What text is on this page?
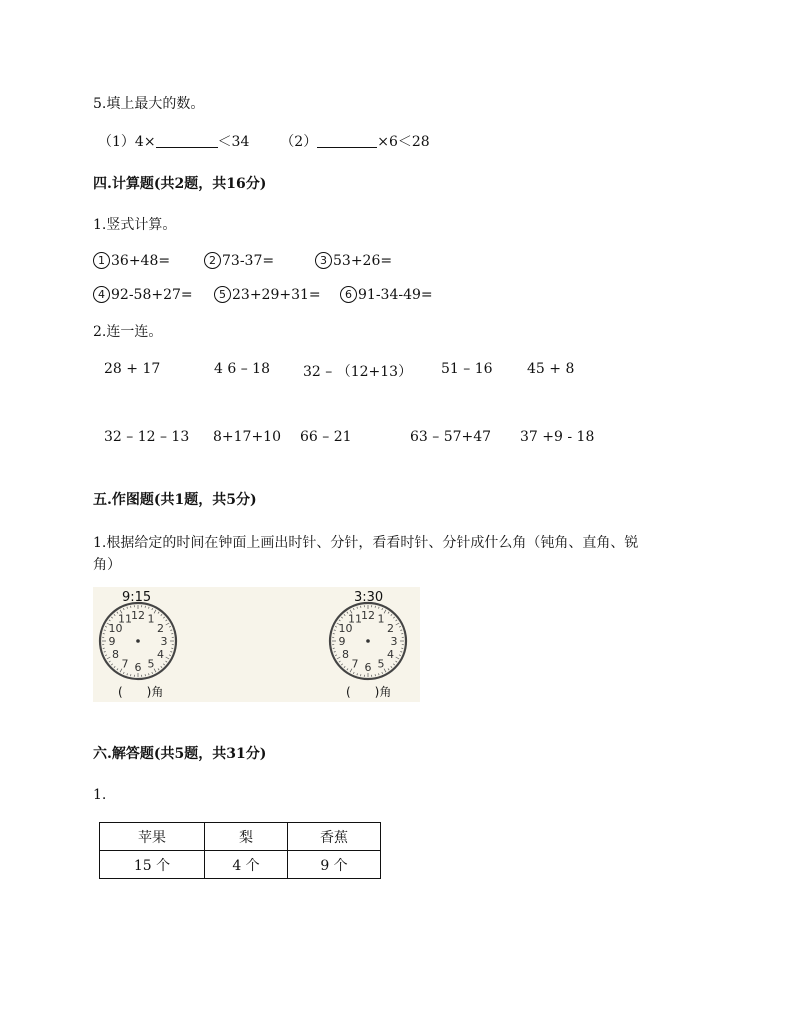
5.填上最大的数。
（1）4×	＜34 （2）	×6＜28
四.计算题(共2题，共16分)
1.竖式计算。
1 36+48=	2 73-37=	3 53+26=
4 92-58+27=	5 23+29+31=	6 91-34-49=
2.连一连。
28 + 17	4 6 – 18 32 – （12+13） 51 – 16 45 + 8
32 – 12 – 13 8+17+10 66 – 21	63 – 57+47 37 +9 - 18
五.作图题(共1题，共5分)
1.根据给定的时间在钟面上画出时针、分针，看看时针、分针成什么角（钝角、直角、锐
角）
1
2
3
4
5
6
7
8
9
10
11 12	1
2
3
4
5
6
7
8
9
10
11 12
9:15	3:30
(　　)角	(　　)角
六.解答题(共5题，共31分)
1.
苹果	梨	香蕉
15 个	4 个	9 个
